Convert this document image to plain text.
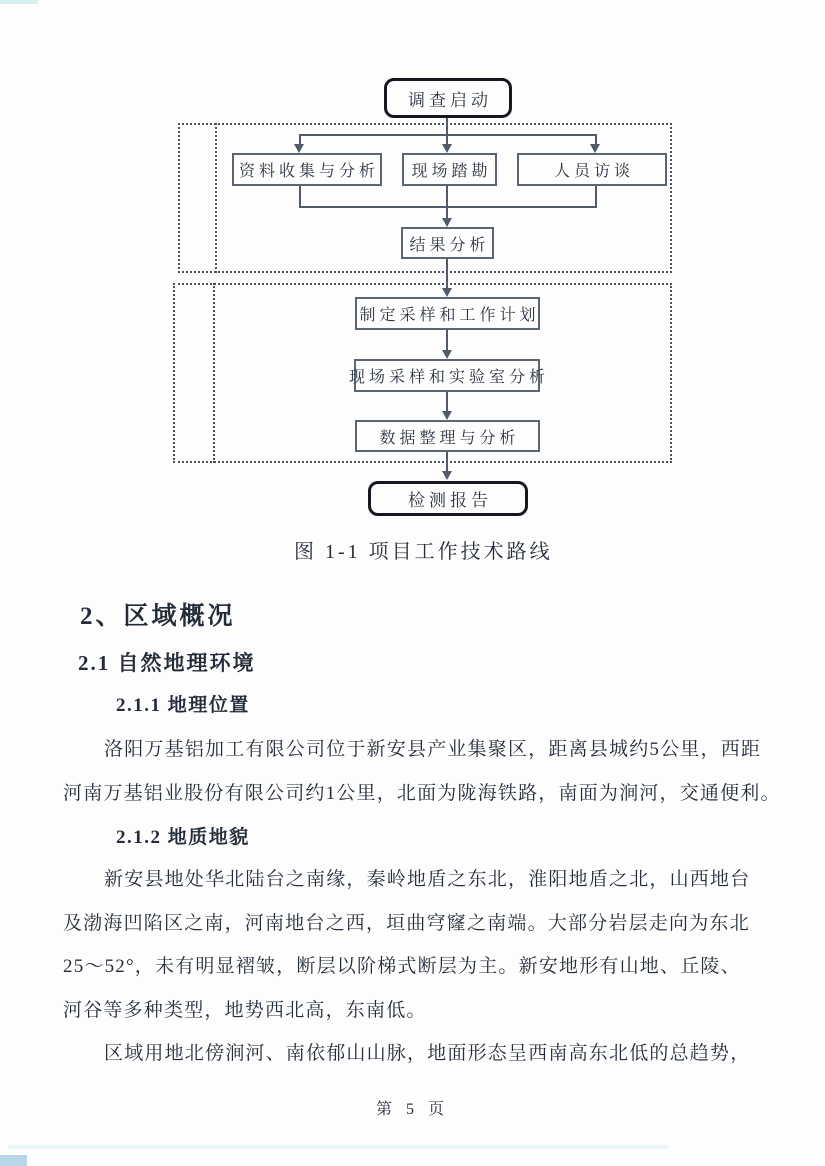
调查启动
资料收集与分析	现场踏勘	人员访谈
结果分析
制定采样和工作计划
现场采样和实验室分析
数据整理与分析
检测报告
图 1-1 项目工作技术路线
2、区域概况
2.1 自然地理环境
2.1.1 地理位置
洛阳万基铝加工有限公司位于新安县产业集聚区，距离县城约5公里，西距
河南万基铝业股份有限公司约1公里，北面为陇海铁路，南面为涧河，交通便利。
2.1.2 地质地貌
新安县地处华北陆台之南缘，秦岭地盾之东北，淮阳地盾之北，山西地台
及渤海凹陷区之南，河南地台之西，垣曲穹窿之南端。大部分岩层走向为东北
25～52°，未有明显褶皱，断层以阶梯式断层为主。新安地形有山地、丘陵、
河谷等多种类型，地势西北高，东南低。
区域用地北傍涧河、南依郁山山脉，地面形态呈西南高东北低的总趋势，
第 5 页
